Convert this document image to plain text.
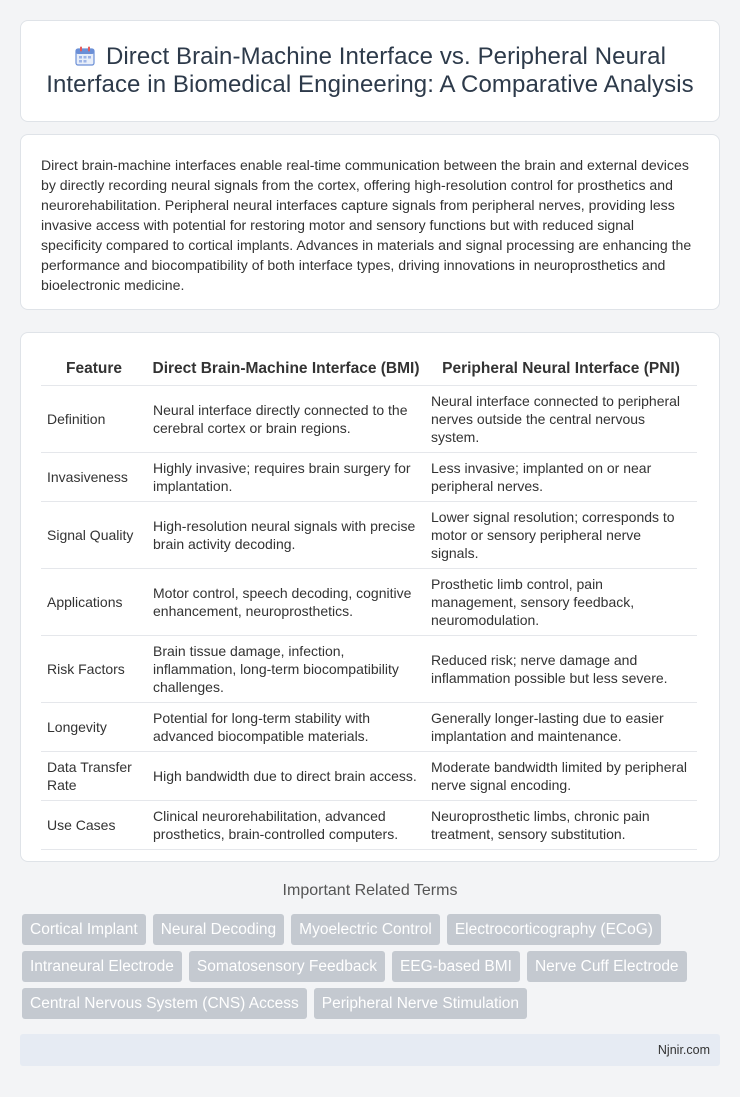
Direct Brain-Machine Interface vs. Peripheral Neural Interface in Biomedical Engineering: A Comparative Analysis

Direct brain-machine interfaces enable real-time communication between the brain and external devices by directly recording neural signals from the cortex, offering high-resolution control for prosthetics and neurorehabilitation. Peripheral neural interfaces capture signals from peripheral nerves, providing less invasive access with potential for restoring motor and sensory functions but with reduced signal specificity compared to cortical implants. Advances in materials and signal processing are enhancing the performance and biocompatibility of both interface types, driving innovations in neuroprosthetics and bioelectronic medicine.

Feature	Direct Brain-Machine Interface (BMI)	Peripheral Neural Interface (PNI)
Definition	Neural interface directly connected to the cerebral cortex or brain regions.	Neural interface connected to peripheral nerves outside the central nervous system.
Invasiveness	Highly invasive; requires brain surgery for implantation.	Less invasive; implanted on or near peripheral nerves.
Signal Quality	High-resolution neural signals with precise brain activity decoding.	Lower signal resolution; corresponds to motor or sensory peripheral nerve signals.
Applications	Motor control, speech decoding, cognitive enhancement, neuroprosthetics.	Prosthetic limb control, pain management, sensory feedback, neuromodulation.
Risk Factors	Brain tissue damage, infection, inflammation, long-term biocompatibility challenges.	Reduced risk; nerve damage and inflammation possible but less severe.
Longevity	Potential for long-term stability with advanced biocompatible materials.	Generally longer-lasting due to easier implantation and maintenance.
Data Transfer Rate	High bandwidth due to direct brain access.	Moderate bandwidth limited by peripheral nerve signal encoding.
Use Cases	Clinical neurorehabilitation, advanced prosthetics, brain-controlled computers.	Neuroprosthetic limbs, chronic pain treatment, sensory substitution.
Important Related Terms
Cortical Implant	Neural Decoding	Myoelectric Control	Electrocorticography (ECoG)
Intraneural Electrode	Somatosensory Feedback	EEG-based BMI	Nerve Cuff Electrode
Central Nervous System (CNS) Access	Peripheral Nerve Stimulation
Njnir.com
